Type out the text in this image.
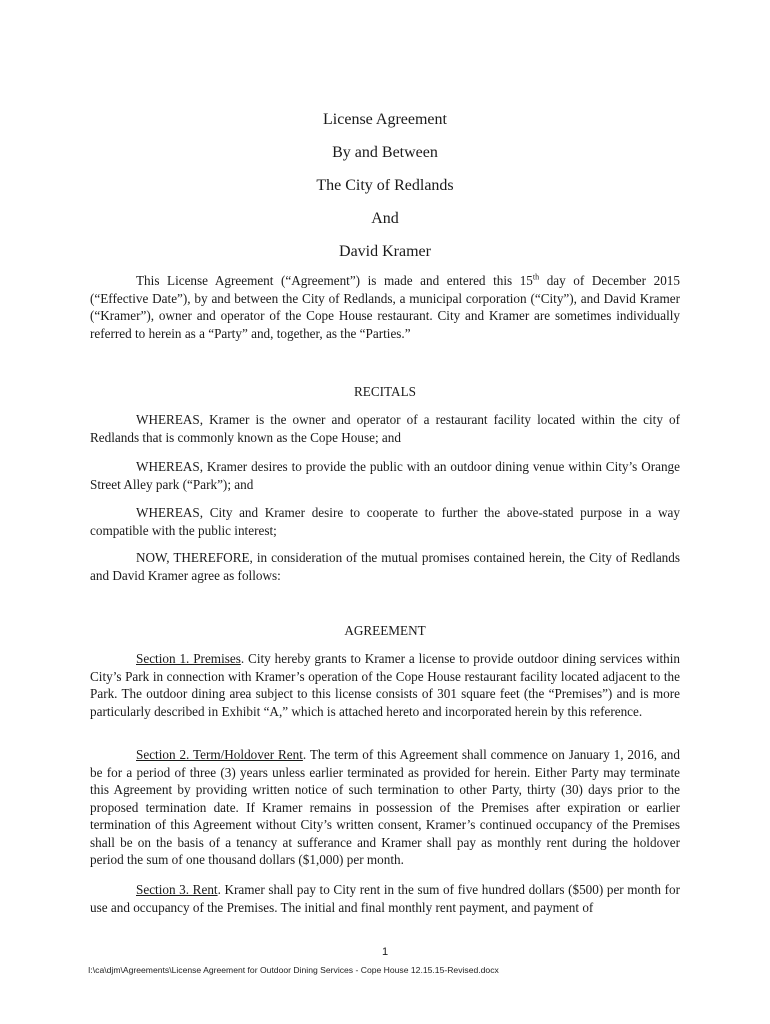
License Agreement
By and Between
The City of Redlands
And
David Kramer

This License Agreement (“Agreement”) is made and entered this 15th day of December 2015 (“Effective Date”), by and between the City of Redlands, a municipal corporation (“City”), and David Kramer (“Kramer”), owner and operator of the Cope House restaurant. City and Kramer are sometimes individually referred to herein as a “Party” and, together, as the “Parties.”

RECITALS

WHEREAS, Kramer is the owner and operator of a restaurant facility located within the city of Redlands that is commonly known as the Cope House; and

WHEREAS, Kramer desires to provide the public with an outdoor dining venue within City’s Orange Street Alley park (“Park”); and

WHEREAS, City and Kramer desire to cooperate to further the above-stated purpose in a way compatible with the public interest;

NOW, THEREFORE, in consideration of the mutual promises contained herein, the City of Redlands and David Kramer agree as follows:

AGREEMENT

Section 1. Premises. City hereby grants to Kramer a license to provide outdoor dining services within City’s Park in connection with Kramer’s operation of the Cope House restaurant facility located adjacent to the Park. The outdoor dining area subject to this license consists of 301 square feet (the “Premises”) and is more particularly described in Exhibit “A,” which is attached hereto and incorporated herein by this reference.

Section 2. Term/Holdover Rent. The term of this Agreement shall commence on January 1, 2016, and be for a period of three (3) years unless earlier terminated as provided for herein. Either Party may terminate this Agreement by providing written notice of such termination to other Party, thirty (30) days prior to the proposed termination date. If Kramer remains in possession of the Premises after expiration or earlier termination of this Agreement without City’s written consent, Kramer’s continued occupancy of the Premises shall be on the basis of a tenancy at sufferance and Kramer shall pay as monthly rent during the holdover period the sum of one thousand dollars ($1,000) per month.

Section 3. Rent. Kramer shall pay to City rent in the sum of five hundred dollars ($500) per month for use and occupancy of the Premises. The initial and final monthly rent payment, and payment of

1
I:\ca\djm\Agreements\License Agreement for Outdoor Dining Services - Cope House 12.15.15-Revised.docx
